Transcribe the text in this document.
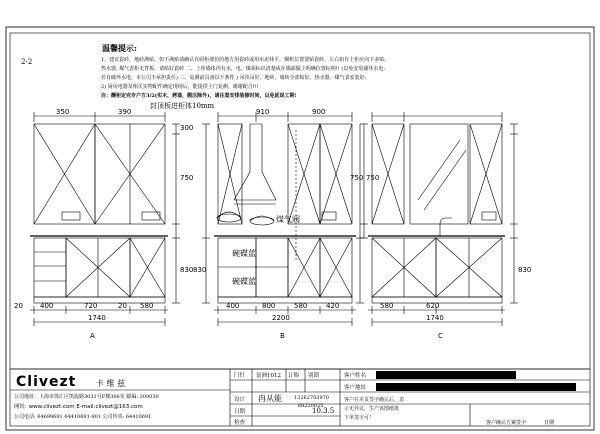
2-2
温馨提示:
1、建议瓷砖，地砖满贴，如不满贴请确认在厨柜部份的地方用瓷砖或用水泥抹平，烟机位置要贴瓷砖，左右如有上柜应向下多贴;
热水器, 煤气表柜无背板，请贴好瓷砖 二、上柜墙体内有水、电、煤须标识清楚或在墙面做上明确位置标明!! (以免安装碰坏水电;
若有破坏水电，本公司不承担责任) 三、复测前具备以下条件 ) 吊顶吊好，地砖、墙砖全部贴好、热水器、煤气表安装好;
2) 厨房电器及相关实物配件确定现场后，能提供上门复测，谢谢配合!!!
注：酬柜定完专户方3/2(实木，烤漆，膜压除外)，请注意安排装修时间，以免延误工期!
封顶板进柜体10mm
350	390
300
750
830
20 400	720	20 580
1740
A
910	900
830
750
煤气阀
碗碟蓝
碗碟蓝
400	800	580	420
2200
B
750
830
580	620
1740
C
Clivezt 卡 维 兹
公司地址：上海市徐汇区凯旋路3031号F楼306室 邮编: 200030
网址: www.clivezt.com E-mail:clivezt@163.com
公司电话: 64699691 64410691-801 公司传真: 64410691
门钉 富洲1012	别锁
订购
设计 冉从能 13262703970
68220025
日期	10.3.5
检查
客户姓名
客户地址
客户在本页签字确认后，表
示无异议，生产该图纸批
下单签字可！
客户确认方案签字	日期
